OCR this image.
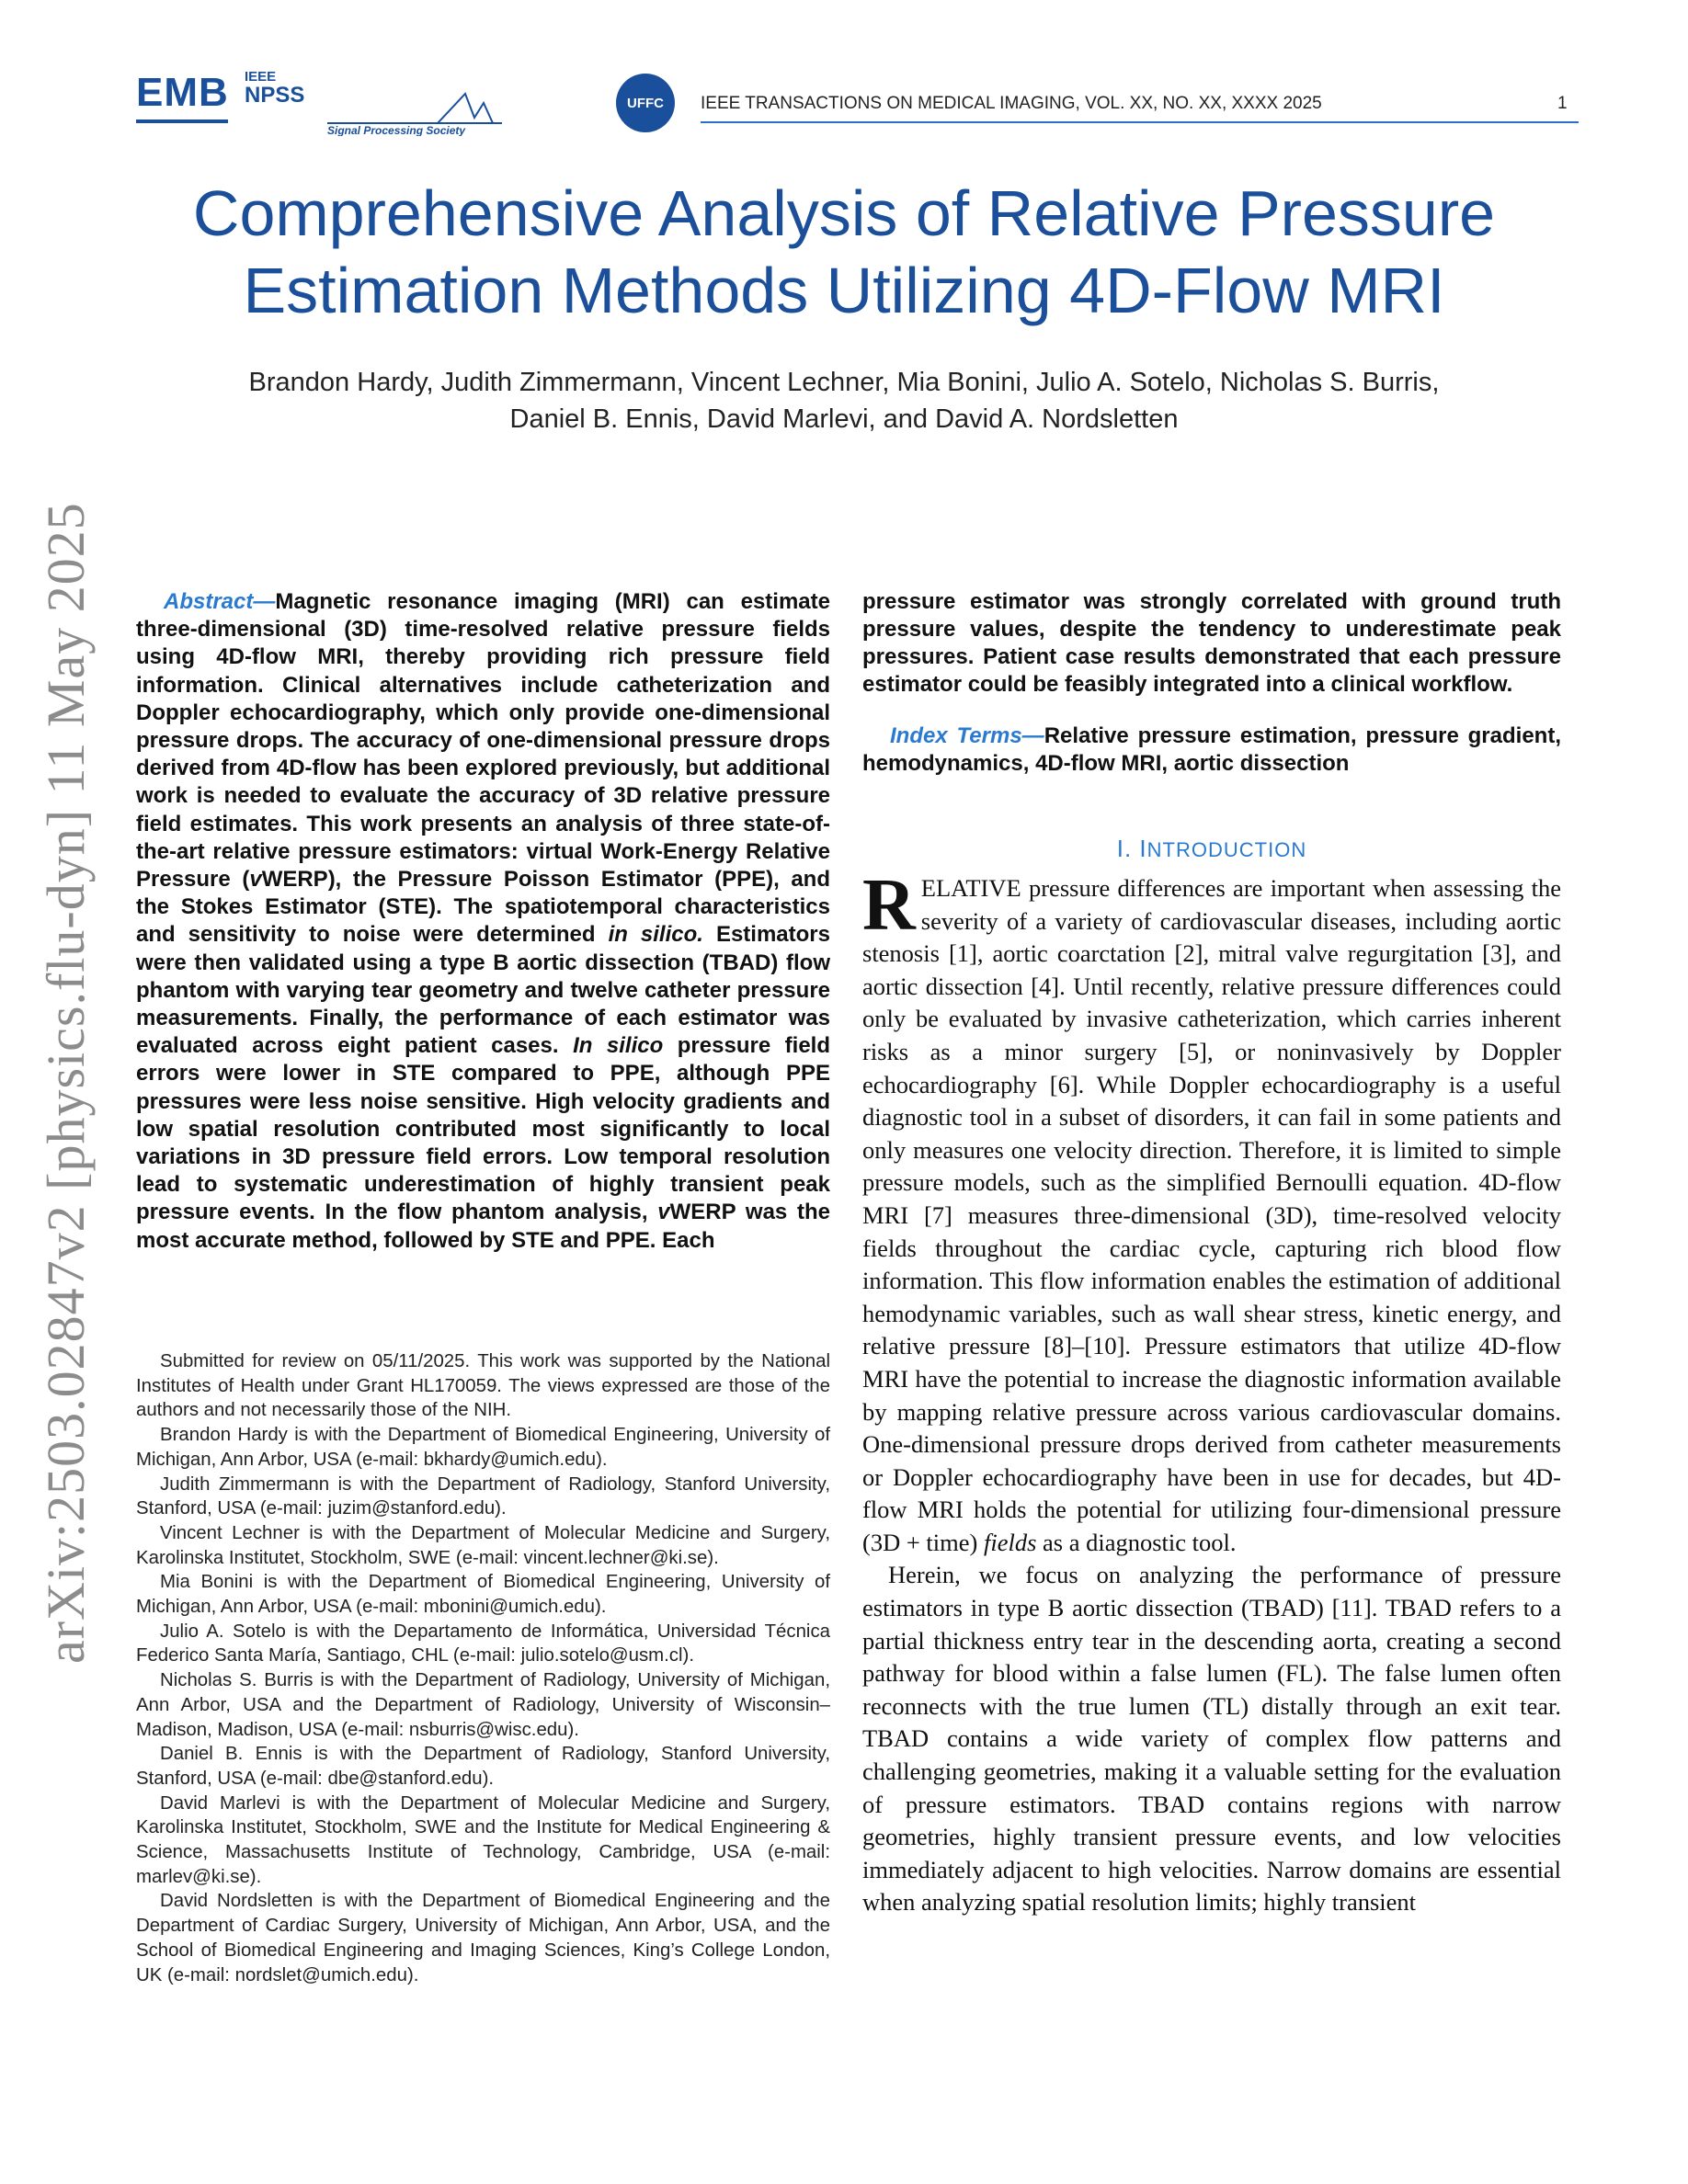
EMB IEEE
NPSS
Signal Processing Society
UFFC IEEE TRANSACTIONS ON MEDICAL IMAGING, VOL. XX, NO. XX, XXXX 2025	1
Comprehensive Analysis of Relative Pressure
Estimation Methods Utilizing 4D-Flow MRI
Brandon Hardy, Judith Zimmermann, Vincent Lechner, Mia Bonini, Julio A. Sotelo, Nicholas S. Burris,
Daniel B. Ennis, David Marlevi, and David A. Nordsletten
arXiv:2503.02847v2 [physics.flu-dyn] 11 May 2025	Abstract—Magnetic resonance imaging (MRI) can estimate three-dimensional (3D) time-resolved relative pressure fields using 4D-flow MRI, thereby providing rich pressure field information. Clinical alternatives include catheterization and Doppler echocardiography, which only provide one-dimensional pressure drops. The accuracy of one-dimensional pressure drops derived from 4D-flow has been explored previously, but additional work is needed to evaluate the accuracy of 3D relative pressure field estimates. This work presents an analysis of three state-of-the-art relative pressure estimators: virtual Work-Energy Relative Pressure (vWERP), the Pressure Poisson Estimator (PPE), and the Stokes Estimator (STE). The spatiotemporal characteristics and sensitivity to noise were determined in silico. Estimators were then validated using a type B aortic dissection (TBAD) flow phantom with varying tear geometry and twelve catheter pressure measurements. Finally, the performance of each estimator was evaluated across eight patient cases. In silico pressure field errors were lower in STE compared to PPE, although PPE pressures were less noise sensitive. High velocity gradients and low spatial resolution contributed most significantly to local variations in 3D pressure field errors. Low temporal resolution lead to systematic underestimation of highly transient peak pressure events. In the flow phantom analysis, vWERP was the most accurate method, followed by STE and PPE. Each

Submitted for review on 05/11/2025. This work was supported by the National Institutes of Health under Grant HL170059. The views expressed are those of the authors and not necessarily those of the NIH.

Brandon Hardy is with the Department of Biomedical Engineering, University of Michigan, Ann Arbor, USA (e-mail: bkhardy@umich.edu).

Judith Zimmermann is with the Department of Radiology, Stanford University, Stanford, USA (e-mail: juzim@stanford.edu).

Vincent Lechner is with the Department of Molecular Medicine and Surgery, Karolinska Institutet, Stockholm, SWE (e-mail: vincent.lechner@ki.se).

Mia Bonini is with the Department of Biomedical Engineering, University of Michigan, Ann Arbor, USA (e-mail: mbonini@umich.edu).

Julio A. Sotelo is with the Departamento de Informática, Universidad Técnica Federico Santa María, Santiago, CHL (e-mail: julio.sotelo@usm.cl).

Nicholas S. Burris is with the Department of Radiology, University of Michigan, Ann Arbor, USA and the Department of Radiology, University of Wisconsin–Madison, Madison, USA (e-mail: nsburris@wisc.edu).

Daniel B. Ennis is with the Department of Radiology, Stanford University, Stanford, USA (e-mail: dbe@stanford.edu).

David Marlevi is with the Department of Molecular Medicine and Surgery, Karolinska Institutet, Stockholm, SWE and the Institute for Medical Engineering & Science, Massachusetts Institute of Technology, Cambridge, USA (e-mail: marlev@ki.se).

David Nordsletten is with the Department of Biomedical Engineering and the Department of Cardiac Surgery, University of Michigan, Ann Arbor, USA, and the School of Biomedical Engineering and Imaging Sciences, King’s College London, UK (e-mail: nordslet@umich.edu).

pressure estimator was strongly correlated with ground truth pressure values, despite the tendency to underestimate peak pressures. Patient case results demonstrated that each pressure estimator could be feasibly integrated into a clinical workflow.

Index Terms—Relative pressure estimation, pressure gradient, hemodynamics, 4D-flow MRI, aortic dissection

I. INTRODUCTION

RELATIVE pressure differences are important when assessing the severity of a variety of cardiovascular diseases, including aortic stenosis [1], aortic coarctation [2], mitral valve regurgitation [3], and aortic dissection [4]. Until recently, relative pressure differences could only be evaluated by invasive catheterization, which carries inherent risks as a minor surgery [5], or noninvasively by Doppler echocardiography [6]. While Doppler echocardiography is a useful diagnostic tool in a subset of disorders, it can fail in some patients and only measures one velocity direction. Therefore, it is limited to simple pressure models, such as the simplified Bernoulli equation. 4D-flow MRI [7] measures three-dimensional (3D), time-resolved velocity fields throughout the cardiac cycle, capturing rich blood flow information. This flow information enables the estimation of additional hemodynamic variables, such as wall shear stress, kinetic energy, and relative pressure [8]–[10]. Pressure estimators that utilize 4D-flow MRI have the potential to increase the diagnostic information available by mapping relative pressure across various cardiovascular domains. One-dimensional pressure drops derived from catheter measurements or Doppler echocardiography have been in use for decades, but 4D-flow MRI holds the potential for utilizing four-dimensional pressure (3D + time) fields as a diagnostic tool.

Herein, we focus on analyzing the performance of pressure estimators in type B aortic dissection (TBAD) [11]. TBAD refers to a partial thickness entry tear in the descending aorta, creating a second pathway for blood within a false lumen (FL). The false lumen often reconnects with the true lumen (TL) distally through an exit tear. TBAD contains a wide variety of complex flow patterns and challenging geometries, making it a valuable setting for the evaluation of pressure estimators. TBAD contains regions with narrow geometries, highly transient pressure events, and low velocities immediately adjacent to high velocities. Narrow domains are essential when analyzing spatial resolution limits; highly transient
